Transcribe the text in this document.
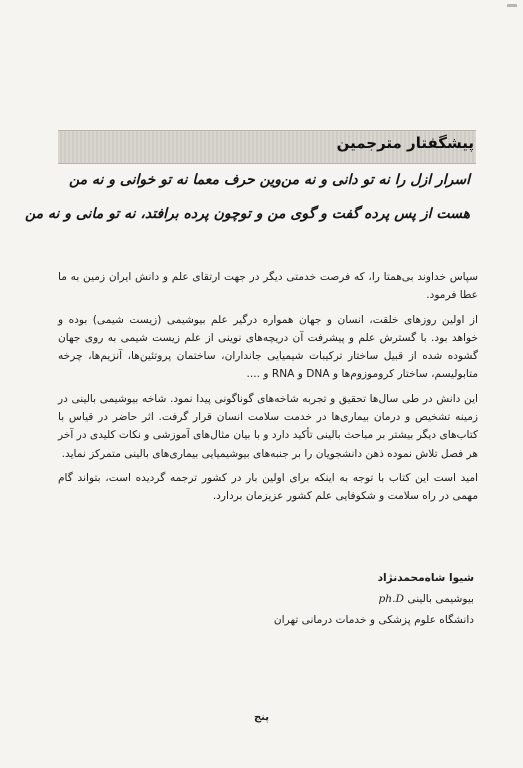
پیشگفتار مترجمین
اسرار ازل را نه تو دانی و نه من
وین حرف معما نه تو خوانی و نه من
هست از پس پرده گفت و گوی من و تو
چون پرده برافتد، نه تو مانی و نه من

سپاس خداوند بی‌همتا را، که فرصت خدمتی دیگر در جهت ارتقای علم و دانش ایران زمین به ما عطا فرمود.

از اولین روزهای خلقت، انسان و جهان همواره درگیر علم بیوشیمی (زیست شیمی) بوده و خواهد بود. با گسترش علم و پیشرفت آن دریچه‌های نوینی از علم زیست شیمی به روی جهان گشوده شده از قبیل ساختار ترکیبات شیمیایی جانداران، ساختمان پروتئین‌ها، آنزیم‌ها، چرخه متابولیسم، ساختار کروموزوم‌ها و DNA و RNA و ....

این دانش در طی سال‌ها تحقیق و تجربه شاخه‌های گوناگونی پیدا نمود. شاخه بیوشیمی بالینی در زمینه تشخیص و درمان بیماری‌ها در خدمت سلامت انسان قرار گرفت. اثر حاضر در قیاس با کتاب‌های دیگر بیشتر بر مباحث بالینی تأکید دارد و با بیان مثال‌های آموزشی و نکات کلیدی در آخر هر فصل تلاش نموده ذهن دانشجویان را بر جنبه‌های بیوشیمیایی بیماری‌های بالینی متمرکز نماید.

امید است این کتاب با توجه به اینکه برای اولین بار در کشور ترجمه گردیده است، بتواند گام مهمی در راه سلامت و شکوفایی علم کشور عزیزمان بردارد.

شیوا شاه‌محمدنژاد
بیوشیمی بالینی ph.D
دانشگاه علوم پزشکی و خدمات درمانی تهران
پنج
